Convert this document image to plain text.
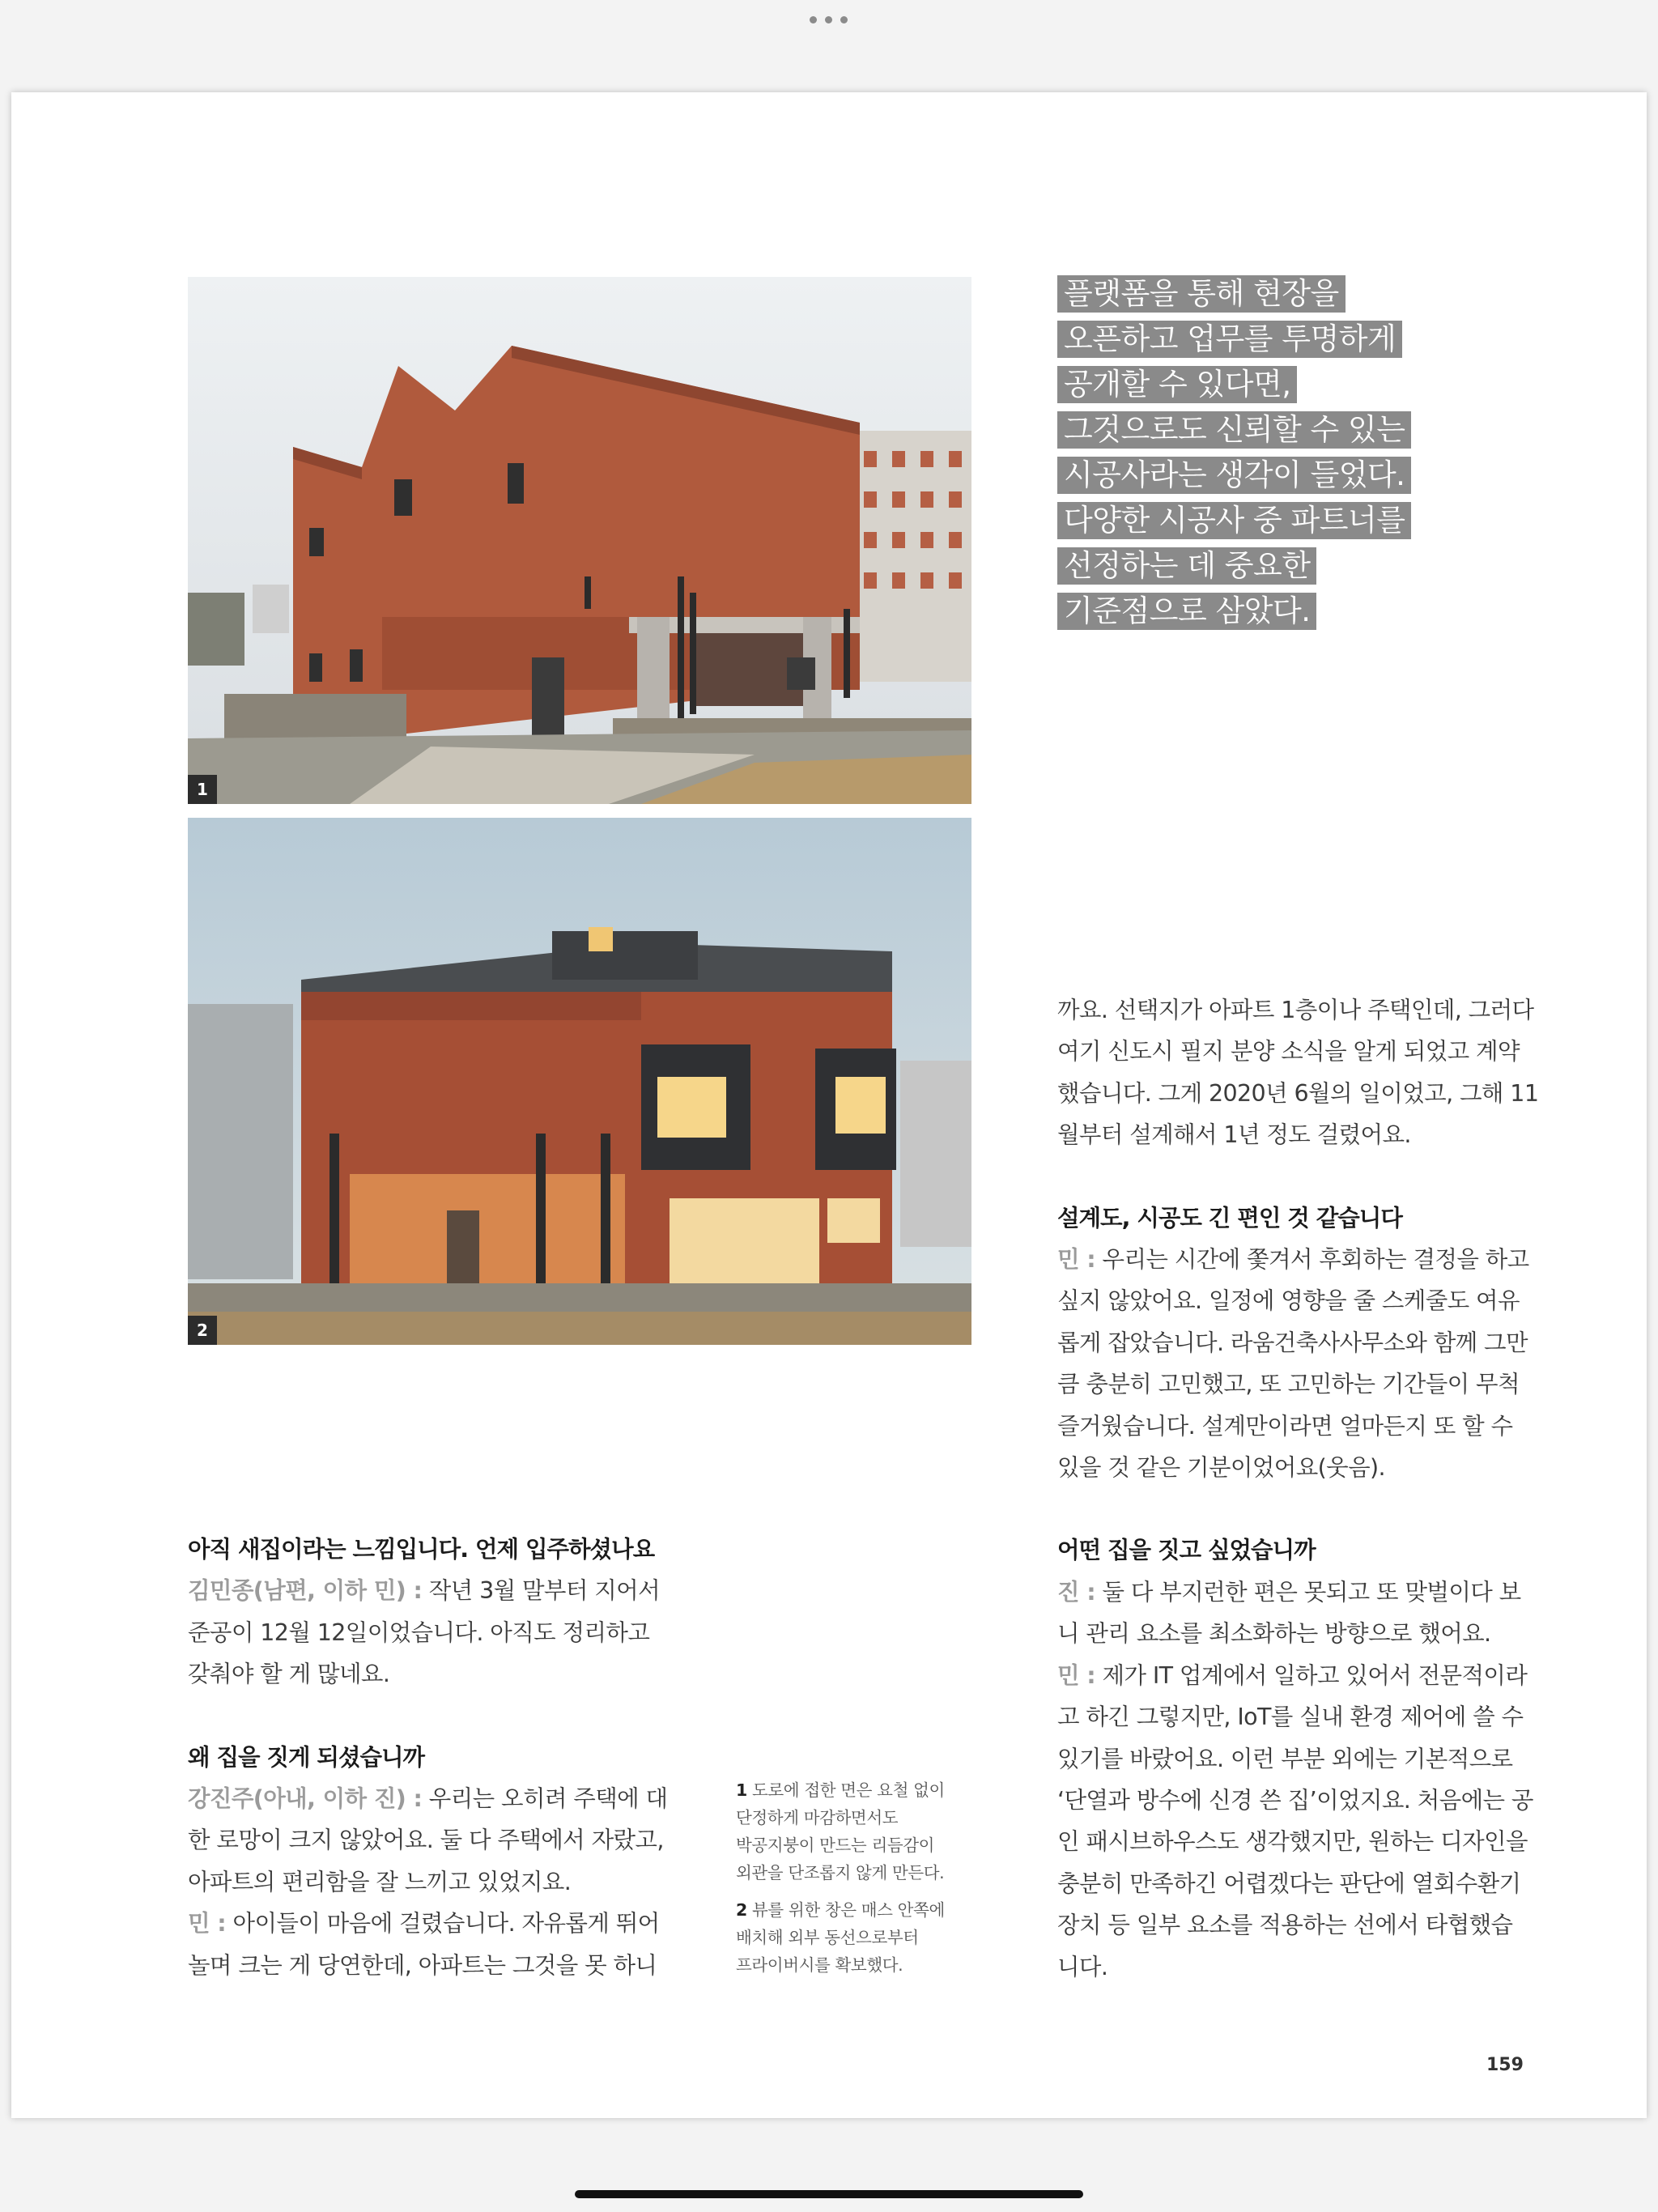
1
2
플랫폼을 통해 현장을
오픈하고 업무를 투명하게
공개할 수 있다면,
그것으로도 신뢰할 수 있는
시공사라는 생각이 들었다.
다양한 시공사 중 파트너를
선정하는 데 중요한
기준점으로 삼았다.

까요. 선택지가 아파트 1층이나 주택인데, 그러다

여기 신도시 필지 분양 소식을 알게 되었고 계약

했습니다. 그게 2020년 6월의 일이었고, 그해 11

월부터 설계해서 1년 정도 걸렸어요.

설계도, 시공도 긴 편인 것 같습니다

민 : 우리는 시간에 쫓겨서 후회하는 결정을 하고

싶지 않았어요. 일정에 영향을 줄 스케줄도 여유

롭게 잡았습니다. 라움건축사사무소와 함께 그만

큼 충분히 고민했고, 또 고민하는 기간들이 무척

즐거웠습니다. 설계만이라면 얼마든지 또 할 수

있을 것 같은 기분이었어요(웃음).

어떤 집을 짓고 싶었습니까

진 : 둘 다 부지런한 편은 못되고 또 맞벌이다 보

니 관리 요소를 최소화하는 방향으로 했어요.

민 : 제가 IT 업계에서 일하고 있어서 전문적이라

고 하긴 그렇지만, IoT를 실내 환경 제어에 쓸 수

있기를 바랐어요. 이런 부분 외에는 기본적으로

‘단열과 방수에 신경 쓴 집’이었지요. 처음에는 공

인 패시브하우스도 생각했지만, 원하는 디자인을

충분히 만족하긴 어렵겠다는 판단에 열회수환기

장치 등 일부 요소를 적용하는 선에서 타협했습

니다.

아직 새집이라는 느낌입니다. 언제 입주하셨나요

김민종(남편, 이하 민) : 작년 3월 말부터 지어서

준공이 12월 12일이었습니다. 아직도 정리하고

갖춰야 할 게 많네요.

왜 집을 짓게 되셨습니까

강진주(아내, 이하 진) : 우리는 오히려 주택에 대

한 로망이 크지 않았어요. 둘 다 주택에서 자랐고,

아파트의 편리함을 잘 느끼고 있었지요.

민 : 아이들이 마음에 걸렸습니다. 자유롭게 뛰어

놀며 크는 게 당연한데, 아파트는 그것을 못 하니

1 도로에 접한 면은 요철 없이
단정하게 마감하면서도
박공지붕이 만드는 리듬감이
외관을 단조롭지 않게 만든다.

2 뷰를 위한 창은 매스 안쪽에
배치해 외부 동선으로부터
프라이버시를 확보했다.

159
